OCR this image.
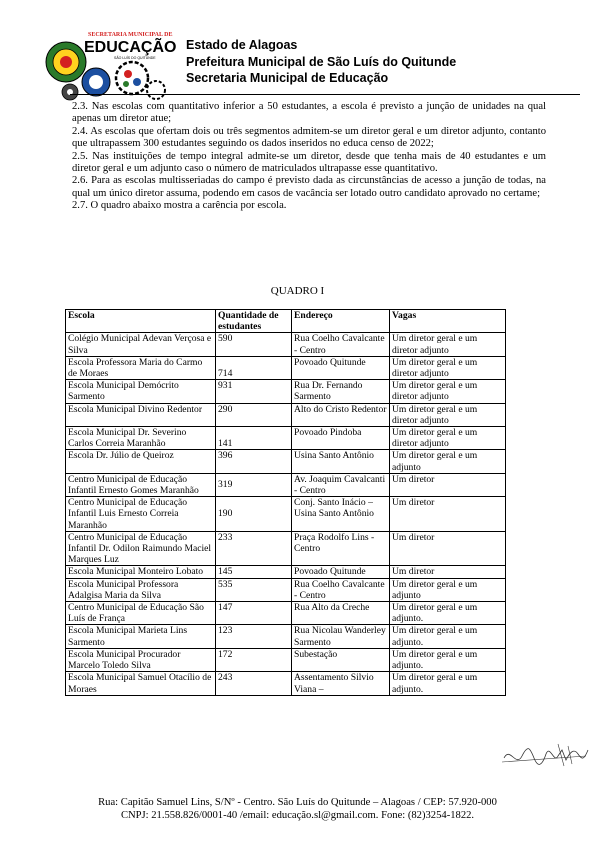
SECRETARIA MUNICIPAL DE
EDUCAÇÃO
SÃO LUÍS DO QUITUNDE
Estado de Alagoas
Prefeitura Municipal de São Luís do Quitunde
Secretaria Municipal de Educação

2.3. Nas escolas com quantitativo inferior a 50 estudantes, a escola é previsto a junção de unidades na qual apenas um diretor atue;

2.4. As escolas que ofertam dois ou três segmentos admitem-se um diretor geral e um diretor adjunto, contanto que ultrapassem 300 estudantes seguindo os dados inseridos no educa censo de 2022;

2.5. Nas instituições de tempo integral admite-se um diretor, desde que tenha mais de 40 estudantes e um diretor geral e um adjunto caso o número de matriculados ultrapasse esse quantitativo.

2.6. Para as escolas multisseriadas do campo é previsto dada as circunstâncias de acesso a junção de todas, na qual um único diretor assuma, podendo em casos de vacância ser lotado outro candidato aprovado no certame;

2.7. O quadro abaixo mostra a carência por escola.

QUADRO I
Escola	Quantidade de estudantes	Endereço	Vagas
Colégio Municipal Adevan Verçosa e Silva	590	Rua Coelho Cavalcante - Centro	Um diretor geral e um diretor adjunto
Escola Professora Maria do Carmo de Moraes	714	Povoado Quitunde	Um diretor geral e um diretor adjunto
Escola Municipal Demócrito Sarmento	931	Rua Dr. Fernando Sarmento	Um diretor geral e um diretor adjunto
Escola Municipal Divino Redentor	290	Alto do Cristo Redentor	Um diretor geral e um diretor adjunto
Escola Municipal Dr. Severino Carlos Correia Maranhão	141	Povoado Pindoba	Um diretor geral e um diretor adjunto
Escola Dr. Júlio de Queiroz	396	Usina Santo Antônio	Um diretor geral e um adjunto
Centro Municipal de Educação Infantil Ernesto Gomes Maranhão	319	Av. Joaquim Cavalcanti - Centro	Um diretor
Centro Municipal de Educação Infantil Luis Ernesto Correia Maranhão	190	Conj. Santo Inácio – Usina Santo Antônio	Um diretor
Centro Municipal de Educação Infantil Dr. Odilon Raimundo Maciel Marques Luz	233	Praça Rodolfo Lins - Centro	Um diretor
Escola Municipal Monteiro Lobato	145	Povoado Quitunde	Um diretor
Escola Municipal Professora Adalgisa Maria da Silva	535	Rua Coelho Cavalcante - Centro	Um diretor geral e um adjunto
Centro Municipal de Educação São Luís de França	147	Rua Alto da Creche	Um diretor geral e um adjunto.
Escola Municipal Marieta Lins Sarmento	123	Rua Nicolau Wanderley Sarmento	Um diretor geral e um adjunto.
Escola Municipal Procurador Marcelo Toledo Silva	172	Subestação	Um diretor geral e um adjunto.
Escola Municipal Samuel Otacílio de Moraes	243	Assentamento Silvio Viana –	Um diretor geral e um adjunto.
Rua: Capitão Samuel Lins, S/Nº - Centro. São Luís do Quitunde – Alagoas / CEP: 57.920-000
CNPJ: 21.558.826/0001-40 /email: educação.sl@gmail.com. Fone: (82)3254-1822.
